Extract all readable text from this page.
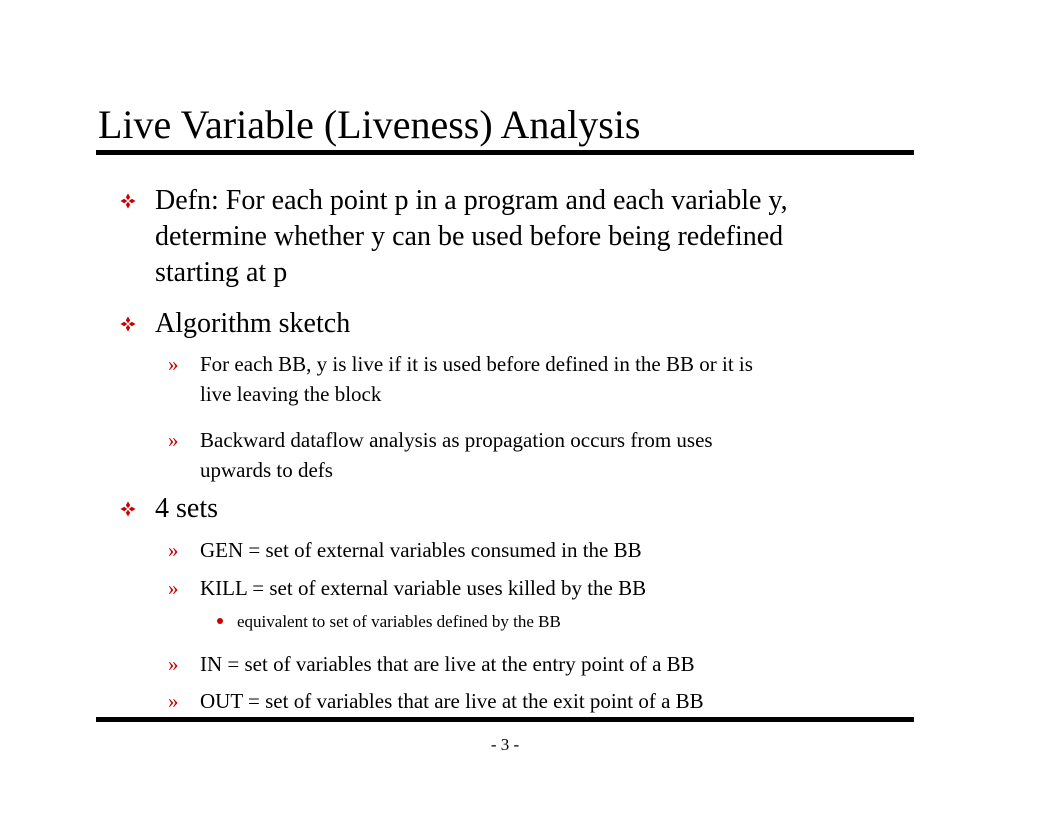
Live Variable (Liveness) Analysis
Defn: For each point p in a program and each variable y,
determine whether y can be used before being redefined
starting at p
Algorithm sketch
» For each BB, y is live if it is used before defined in the BB or it is
live leaving the block
» Backward dataflow analysis as propagation occurs from uses
upwards to defs
4 sets
» GEN = set of external variables consumed in the BB
» KILL = set of external variable uses killed by the BB
equivalent to set of variables defined by the BB
» IN = set of variables that are live at the entry point of a BB
» OUT = set of variables that are live at the exit point of a BB
- 3 -
